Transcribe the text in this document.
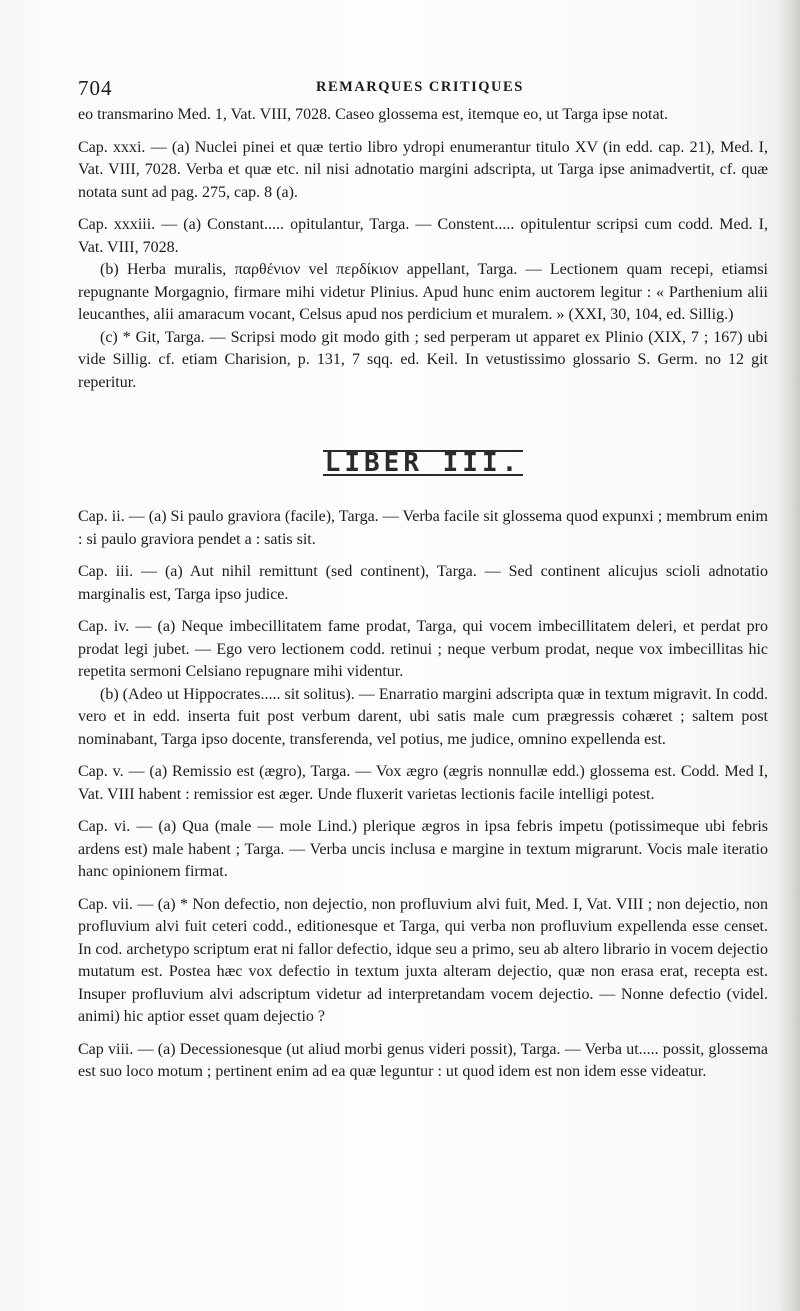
704	REMARQUES CRITIQUES

eo transmarino Med. 1, Vat. VIII, 7028. Caseo glossema est, itemque eo, ut Targa ipse notat.

Cap. xxxi. — (a) Nuclei pinei et quæ tertio libro ydropi enumerantur titulo XV (in edd. cap. 21), Med. I, Vat. VIII, 7028. Verba et quæ etc. nil nisi adnotatio margini adscripta, ut Targa ipse animadvertit, cf. quæ notata sunt ad pag. 275, cap. 8 (a).

Cap. xxxiii. — (a) Constant..... opitulantur, Targa. — Constent..... opitulentur scripsi cum codd. Med. I, Vat. VIII, 7028.

(b) Herba muralis, παρθένιον vel περδίκιον appellant, Targa. — Lectionem quam recepi, etiamsi repugnante Morgagnio, firmare mihi videtur Plinius. Apud hunc enim auctorem legitur : « Parthenium alii leucanthes, alii amaracum vocant, Celsus apud nos perdicium et muralem. » (XXI, 30, 104, ed. Sillig.)

(c) * Git, Targa. — Scripsi modo git modo gith ; sed perperam ut apparet ex Plinio (XIX, 7 ; 167) ubi vide Sillig. cf. etiam Charision, p. 131, 7 sqq. ed. Keil. In vetustissimo glossario S. Germ. no 12 git reperitur.

LIBER III.

Cap. ii. — (a) Si paulo graviora (facile), Targa. — Verba facile sit glossema quod expunxi ; membrum enim : si paulo graviora pendet a : satis sit.

Cap. iii. — (a) Aut nihil remittunt (sed continent), Targa. — Sed continent alicujus scioli adnotatio marginalis est, Targa ipso judice.

Cap. iv. — (a) Neque imbecillitatem fame prodat, Targa, qui vocem imbecillitatem deleri, et perdat pro prodat legi jubet. — Ego vero lectionem codd. retinui ; neque verbum prodat, neque vox imbecillitas hic repetita sermoni Celsiano repugnare mihi videntur.

(b) (Adeo ut Hippocrates..... sit solitus). — Enarratio margini adscripta quæ in textum migravit. In codd. vero et in edd. inserta fuit post verbum darent, ubi satis male cum prægressis cohæret ; saltem post nominabant, Targa ipso docente, transferenda, vel potius, me judice, omnino expellenda est.

Cap. v. — (a) Remissio est (ægro), Targa. — Vox ægro (ægris nonnullæ edd.) glossema est. Codd. Med I, Vat. VIII habent : remissior est æger. Unde fluxerit varietas lectionis facile intelligi potest.

Cap. vi. — (a) Qua (male — mole Lind.) plerique ægros in ipsa febris impetu (potissimeque ubi febris ardens est) male habent ; Targa. — Verba uncis inclusa e margine in textum migrarunt. Vocis male iteratio hanc opinionem firmat.

Cap. vii. — (a) * Non defectio, non dejectio, non profluvium alvi fuit, Med. I, Vat. VIII ; non dejectio, non profluvium alvi fuit ceteri codd., editionesque et Targa, qui verba non profluvium expellenda esse censet. In cod. archetypo scriptum erat ni fallor defectio, idque seu a primo, seu ab altero librario in vocem dejectio mutatum est. Postea hæc vox defectio in textum juxta alteram dejectio, quæ non erasa erat, recepta est. Insuper profluvium alvi adscriptum videtur ad interpretandam vocem dejectio. — Nonne defectio (videl. animi) hic aptior esset quam dejectio ?

Cap viii. — (a) Decessionesque (ut aliud morbi genus videri possit), Targa. — Verba ut..... possit, glossema est suo loco motum ; pertinent enim ad ea quæ leguntur : ut quod idem est non idem esse videatur.
